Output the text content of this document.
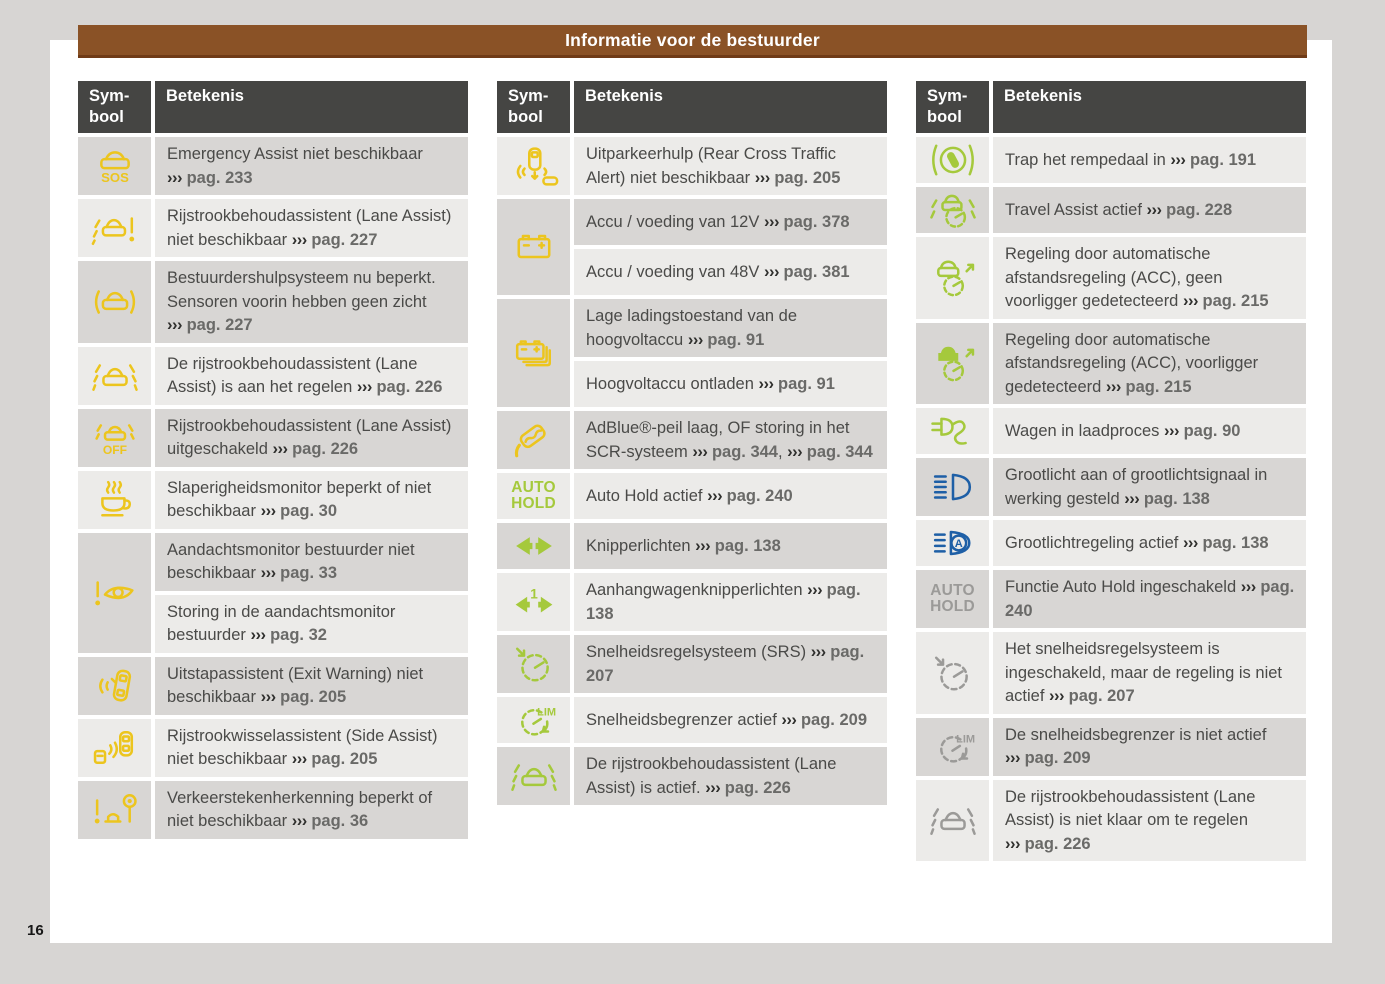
Informatie voor de bestuurder
16
Sym-bool
Betekenis
Emergency Assist niet beschikbaar ››› pag. 233
Rijstrookbehoudassistent (Lane Assist) niet beschikbaar ››› pag. 227
Bestuurdershulpsysteem nu beperkt. Sensoren voorin hebben geen zicht ››› pag. 227
De rijstrookbehoudassistent (Lane Assist) is aan het regelen ››› pag. 226
Rijstrookbehoudassistent (Lane Assist) uitgeschakeld ››› pag. 226
Slaperigheidsmonitor beperkt of niet beschikbaar ››› pag. 30
Aandachtsmonitor bestuurder niet beschikbaar ››› pag. 33
Storing in de aandachtsmonitor bestuurder ››› pag. 32
Uitstapassistent (Exit Warning) niet beschikbaar ››› pag. 205
Rijstrookwisselassistent (Side Assist) niet beschikbaar ››› pag. 205
Verkeerstekenherkenning beperkt of niet beschikbaar ››› pag. 36
Sym-bool
Betekenis
Uitparkeerhulp (Rear Cross Traffic Alert) niet beschikbaar ››› pag. 205
Accu / voeding van 12V ››› pag. 378
Accu / voeding van 48V ››› pag. 381
Lage ladingstoestand van de hoogvoltaccu ››› pag. 91
Hoogvoltaccu ontladen ››› pag. 91
AdBlue®-peil laag, OF storing in het SCR-systeem ››› pag. 344, ››› pag. 344
AUTO
HOLD Auto Hold actief ››› pag. 240
Knipperlichten ››› pag. 138
Aanhangwagenknipperlichten ››› pag. 138
Snelheidsregelsysteem (SRS) ››› pag. 207
Snelheidsbegrenzer actief ››› pag. 209
De rijstrookbehoudassistent (Lane Assist) is actief. ››› pag. 226
Sym-bool
Betekenis
Trap het rempedaal in ››› pag. 191
Travel Assist actief ››› pag. 228
Regeling door automatische afstandsregeling (ACC), geen voorligger gedetecteerd ››› pag. 215
Regeling door automatische afstandsregeling (ACC), voorligger gedetecteerd ››› pag. 215
Wagen in laadproces ››› pag. 90
Grootlicht aan of grootlichtsignaal in werking gesteld ››› pag. 138
Grootlichtregeling actief ››› pag. 138
AUTO
HOLD
Functie Auto Hold ingeschakeld ››› pag. 240
Het snelheidsregelsysteem is ingeschakeld, maar de regeling is niet actief ››› pag. 207
De snelheidsbegrenzer is niet actief ››› pag. 209
De rijstrookbehoudassistent (Lane Assist) is niet klaar om te regelen ››› pag. 226
